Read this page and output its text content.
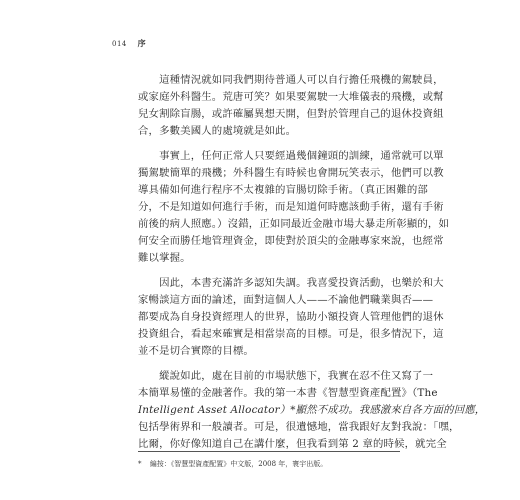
014 序
　　這種情況就如同我們期待普通人可以自行擔任飛機的駕駛員，
或家庭外科醫生。荒唐可笑？如果要駕駛一大堆儀表的飛機，或幫
兒女割除盲腸，或許確屬異想天開，但對於管理自己的退休投資組
合，多數美國人的處境就是如此。
　　事實上，任何正常人只要經過幾個鐘頭的訓練，通常就可以單
獨駕駛簡單的飛機；外科醫生有時候也會開玩笑表示，他們可以教
導具備如何進行程序不太複雜的盲腸切除手術。（真正困難的部
分，不是知道如何進行手術，而是知道何時應該動手術，還有手術
前後的病人照應。）沒錯，正如同最近金融市場大暴走所彰顯的，如
何安全而勝任地管理資金，即使對於頂尖的金融專家來說，也經常
難以掌握。
　　因此，本書充滿許多認知失調。我喜愛投資活動，也樂於和大
家暢談這方面的論述，面對這個人人——不論他們職業與否——
都要成為自身投資經理人的世界，協助小額投資人管理他們的退休
投資組合，看起來確實是相當崇高的目標。可是，很多情況下，這
並不是切合實際的目標。
　　縱說如此，處在目前的市場狀態下，我實在忍不住又寫了一
本簡單易懂的金融著作。我的第一本書《智慧型資產配置》（The
Intelligent Asset Allocator）*顯然不成功。我感激來自各方面的回應，
包括學術界和一般讀者。可是，很遺憾地，當我跟好友對我說：「嘿，
比爾，你好像知道自己在講什麼，但我看到第 2 章的時候，就完全
* 編按：《智慧型資產配置》中文版，2008 年，寰宇出版。
